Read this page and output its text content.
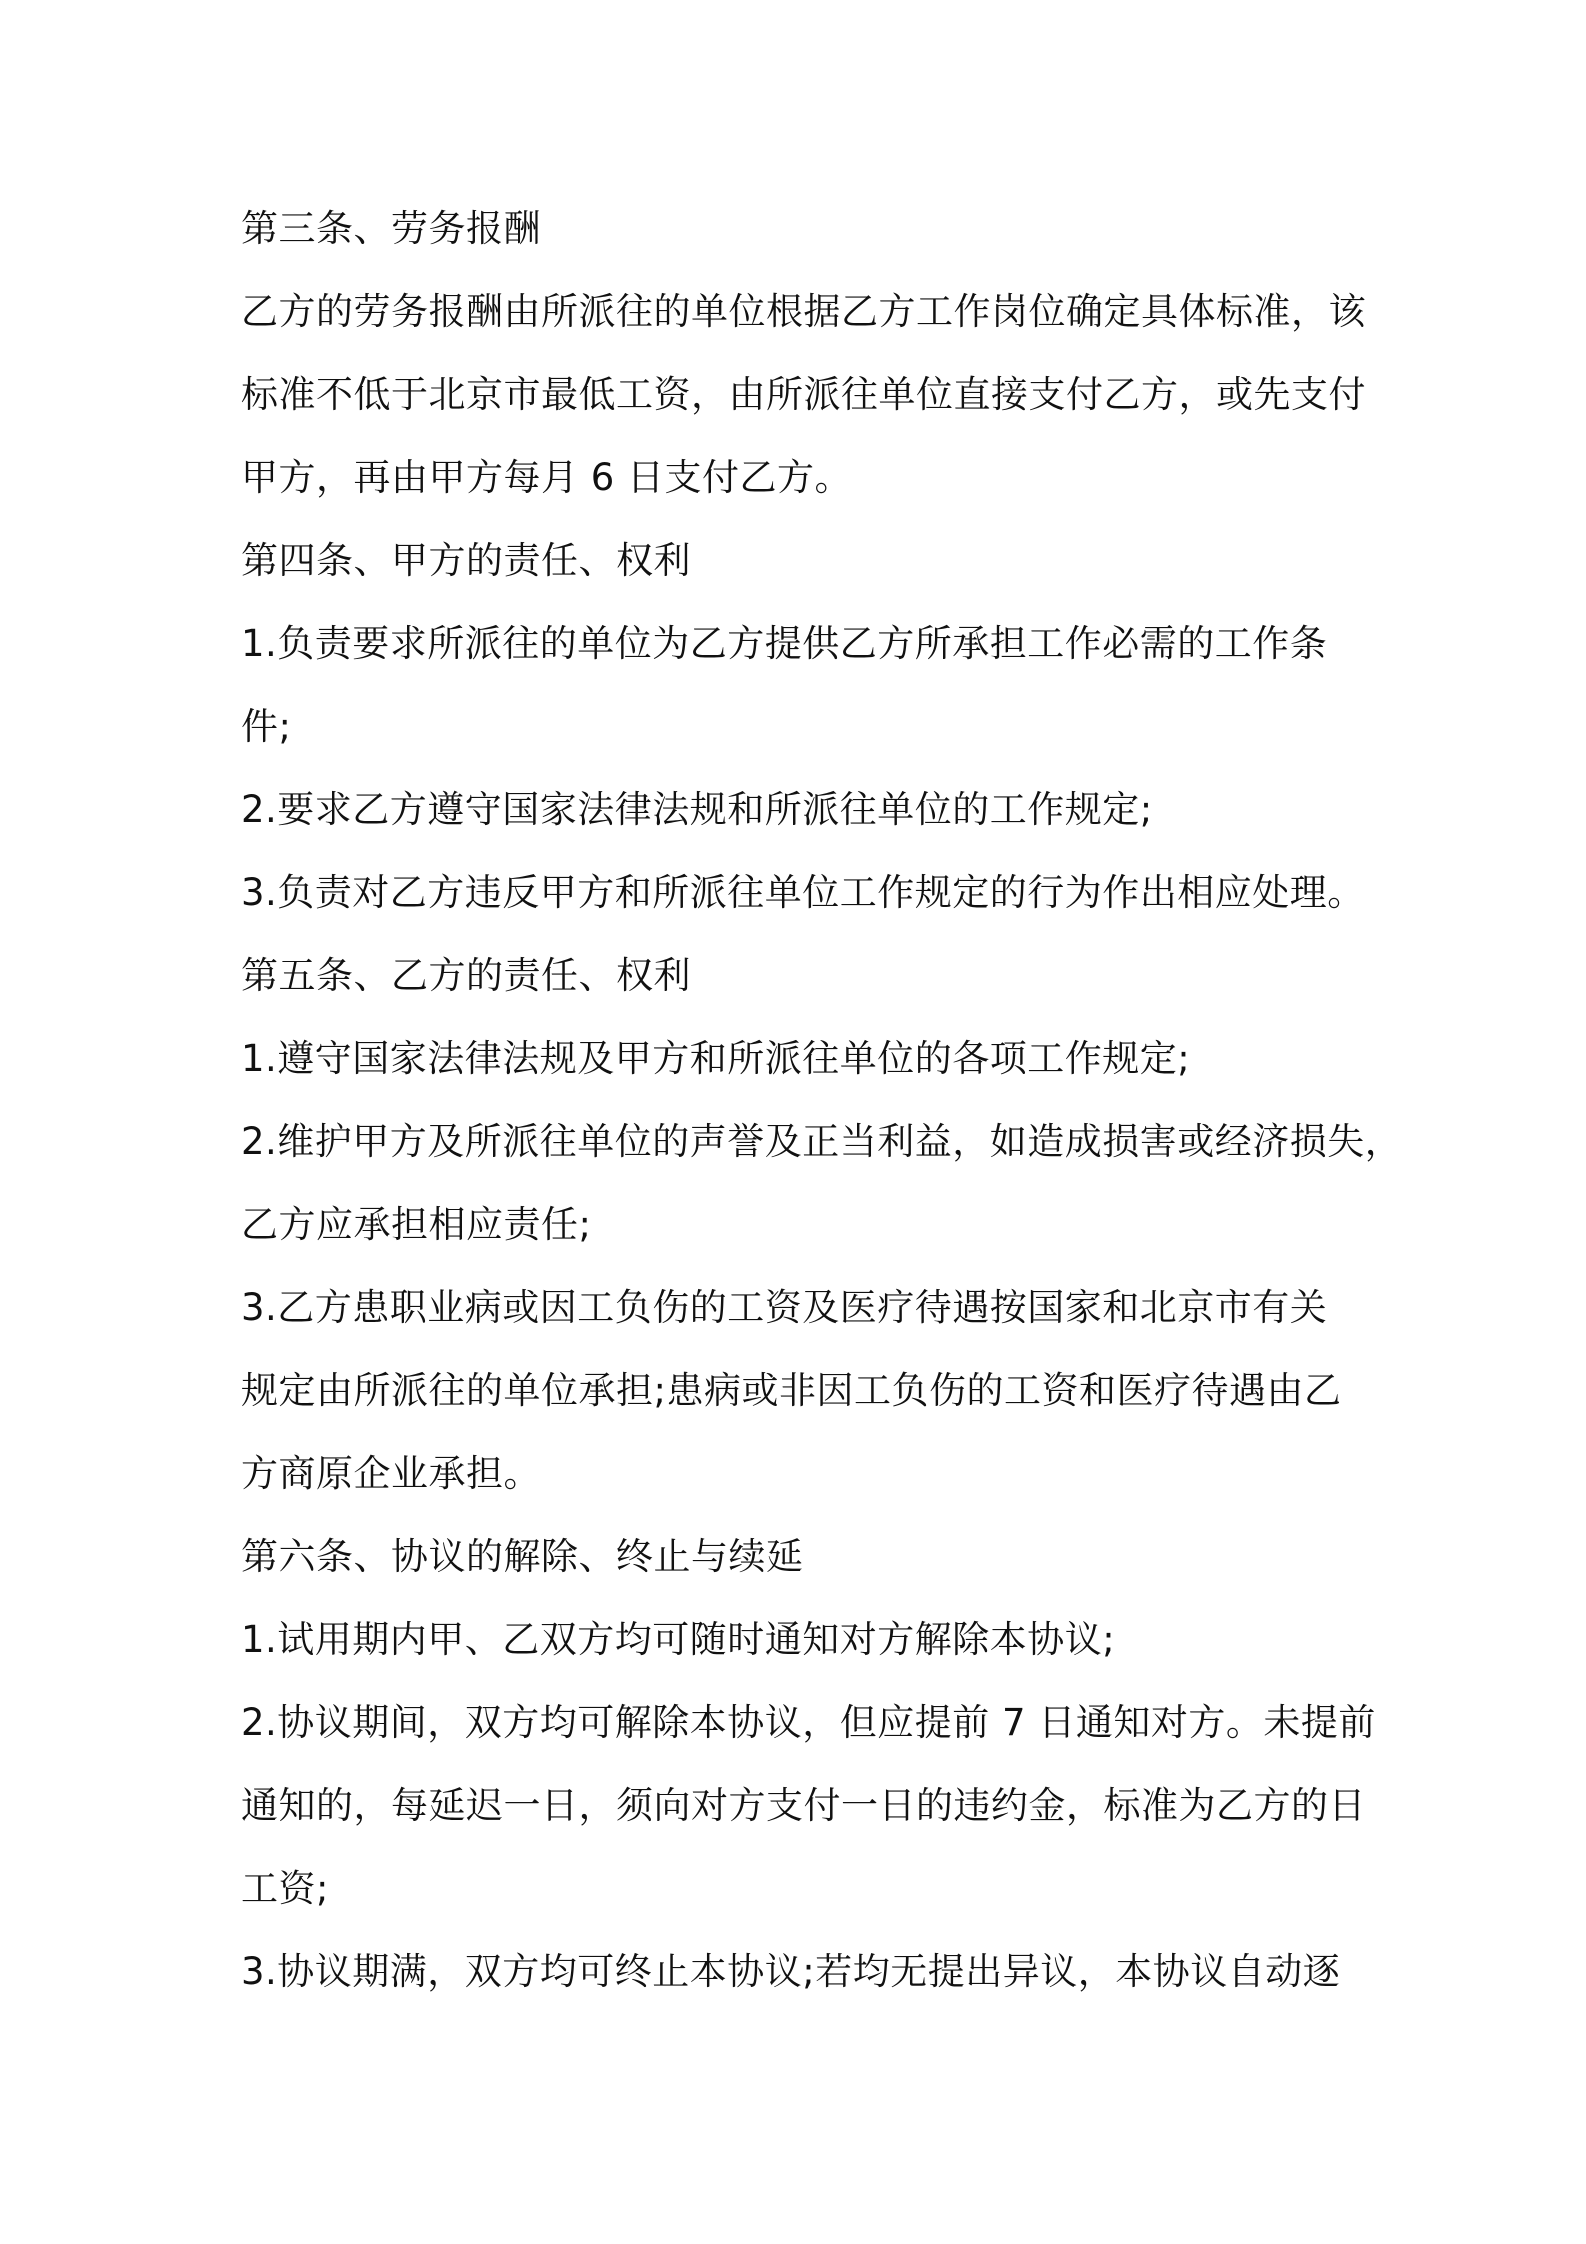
第三条、劳务报酬
乙方的劳务报酬由所派往的单位根据乙方工作岗位确定具体标准，该
标准不低于北京市最低工资，由所派往单位直接支付乙方，或先支付
甲方，再由甲方每月 6 日支付乙方。
第四条、甲方的责任、权利
1.负责要求所派往的单位为乙方提供乙方所承担工作必需的工作条
件;
2.要求乙方遵守国家法律法规和所派往单位的工作规定;
3.负责对乙方违反甲方和所派往单位工作规定的行为作出相应处理。
第五条、乙方的责任、权利
1.遵守国家法律法规及甲方和所派往单位的各项工作规定;
2.维护甲方及所派往单位的声誉及正当利益，如造成损害或经济损失，
乙方应承担相应责任;
3.乙方患职业病或因工负伤的工资及医疗待遇按国家和北京市有关
规定由所派往的单位承担;患病或非因工负伤的工资和医疗待遇由乙
方商原企业承担。
第六条、协议的解除、终止与续延
1.试用期内甲、乙双方均可随时通知对方解除本协议;
2.协议期间，双方均可解除本协议，但应提前 7 日通知对方。未提前
通知的，每延迟一日，须向对方支付一日的违约金，标准为乙方的日
工资;
3.协议期满，双方均可终止本协议;若均无提出异议，本协议自动逐
